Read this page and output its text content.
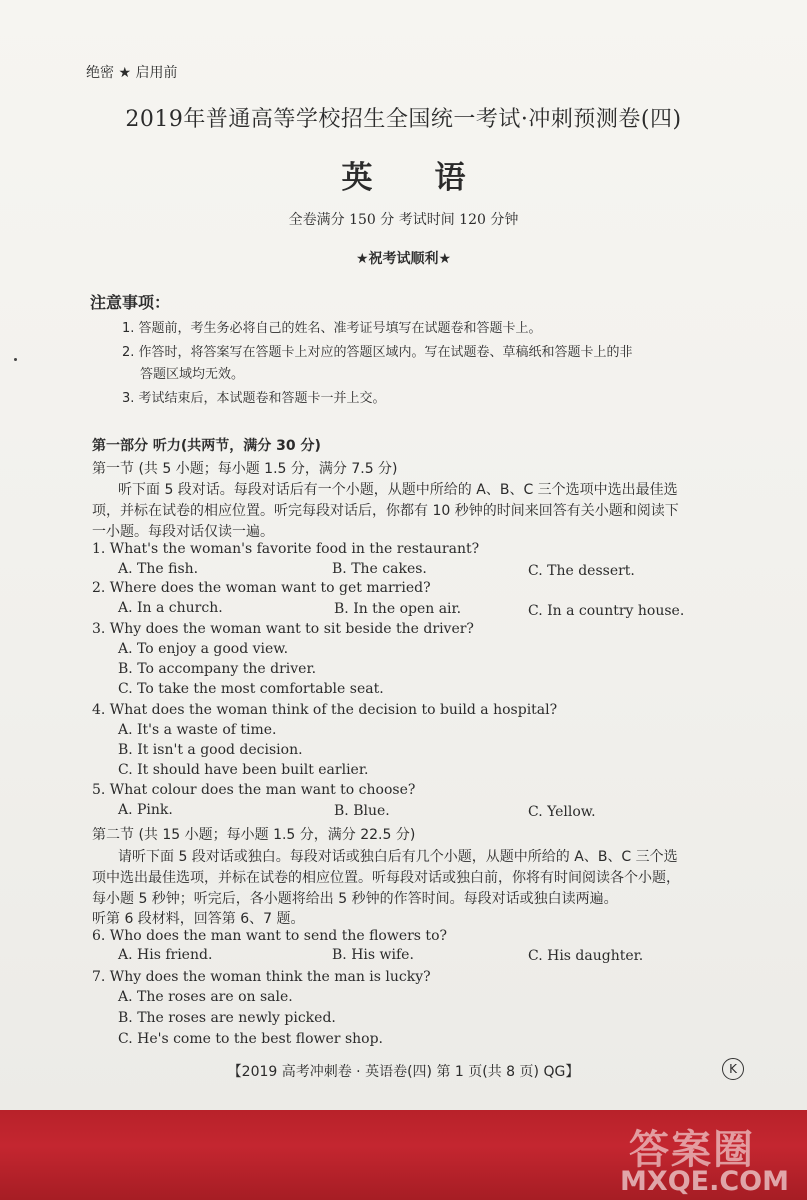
绝密 ★ 启用前
2019年普通高等学校招生全国统一考试·冲刺预测卷(四)
英语
全卷满分 150 分 考试时间 120 分钟
★祝考试顺利★
注意事项：
1. 答题前，考生务必将自己的姓名、准考证号填写在试题卷和答题卡上。
2. 作答时，将答案写在答题卡上对应的答题区域内。写在试题卷、草稿纸和答题卡上的非
答题区域均无效。
3. 考试结束后，本试题卷和答题卡一并上交。
第一部分 听力(共两节，满分 30 分)
第一节 (共 5 小题；每小题 1.5 分，满分 7.5 分)
听下面 5 段对话。每段对话后有一个小题，从题中所给的 A、B、C 三个选项中选出最佳选
项，并标在试卷的相应位置。听完每段对话后，你都有 10 秒钟的时间来回答有关小题和阅读下
一小题。每段对话仅读一遍。
1. What's the woman's favorite food in the restaurant?
A. The fish.	B. The cakes.	C. The dessert.
2. Where does the woman want to get married?
A. In a church.	B. In the open air.	C. In a country house.
3. Why does the woman want to sit beside the driver?
A. To enjoy a good view.
B. To accompany the driver.
C. To take the most comfortable seat.
4. What does the woman think of the decision to build a hospital?
A. It's a waste of time.
B. It isn't a good decision.
C. It should have been built earlier.
5. What colour does the man want to choose?
A. Pink.	B. Blue.	C. Yellow.
第二节 (共 15 小题；每小题 1.5 分，满分 22.5 分)
请听下面 5 段对话或独白。每段对话或独白后有几个小题，从题中所给的 A、B、C 三个选
项中选出最佳选项，并标在试卷的相应位置。听每段对话或独白前，你将有时间阅读各个小题，
每小题 5 秒钟；听完后，各小题将给出 5 秒钟的作答时间。每段对话或独白读两遍。
听第 6 段材料，回答第 6、7 题。
6. Who does the man want to send the flowers to?
A. His friend.	B. His wife.	C. His daughter.
7. Why does the woman think the man is lucky?
A. The roses are on sale.
B. The roses are newly picked.
C. He's come to the best flower shop.
【2019 高考冲刺卷 · 英语卷(四) 第 1 页(共 8 页) QG】	K
答案圈
MXQE.COM
